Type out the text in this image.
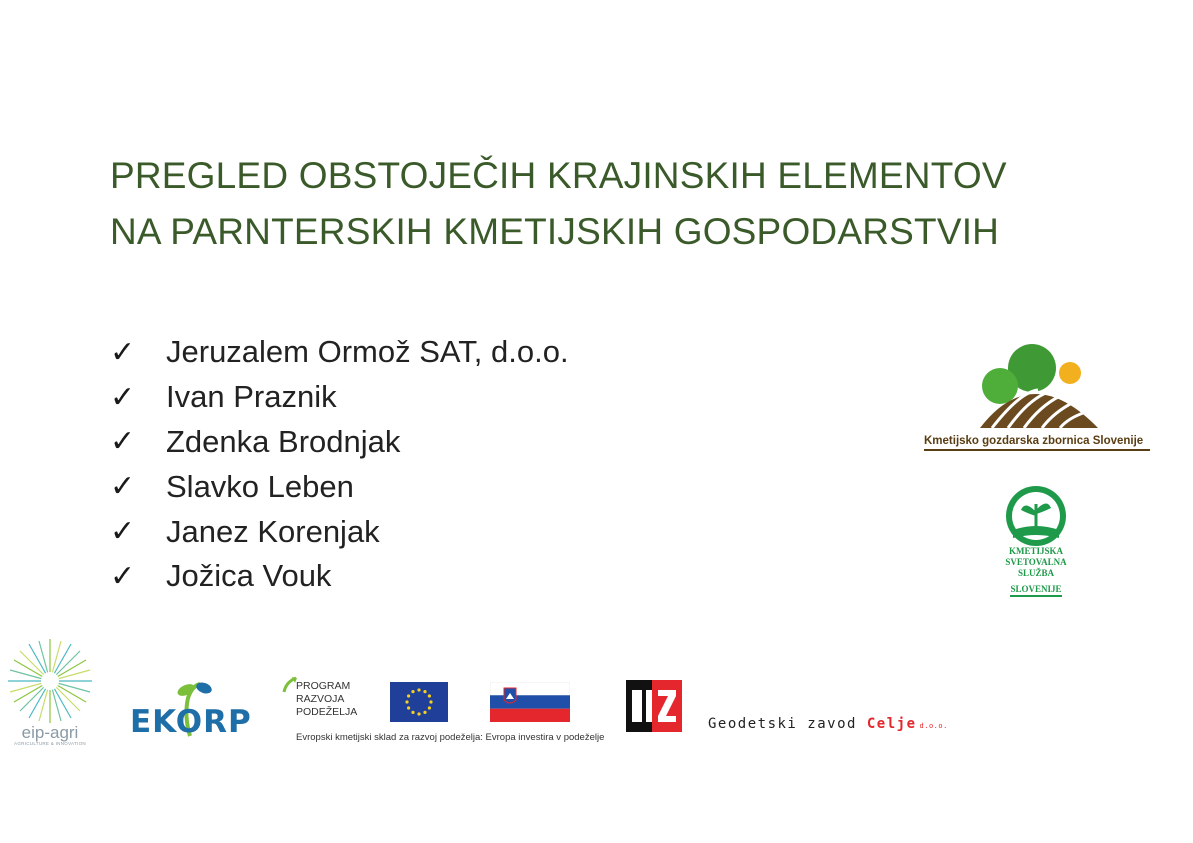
PREGLED OBSTOJEČIH KRAJINSKIH ELEMENTOV
NA PARNTERSKIH KMETIJSKIH GOSPODARSTVIH
✓ Jeruzalem Ormož SAT, d.o.o.
✓ Ivan Praznik
✓ Zdenka Brodnjak
✓ Slavko Leben
✓ Janez Korenjak
✓ Jožica Vouk
Kmetijsko gozdarska zbornica Slovenije
KMETIJSKA
SVETOVALNA
SLUŽBA
SLOVENIJE
eip-agri
AGRICULTURE & INNOVATION
EKORP
PROGRAM
RAZVOJA
PODEŽELJA
Evropski kmetijski sklad za razvoj podeželja: Evropa investira v podeželje
Geodetski zavod Celje d.o.o.
